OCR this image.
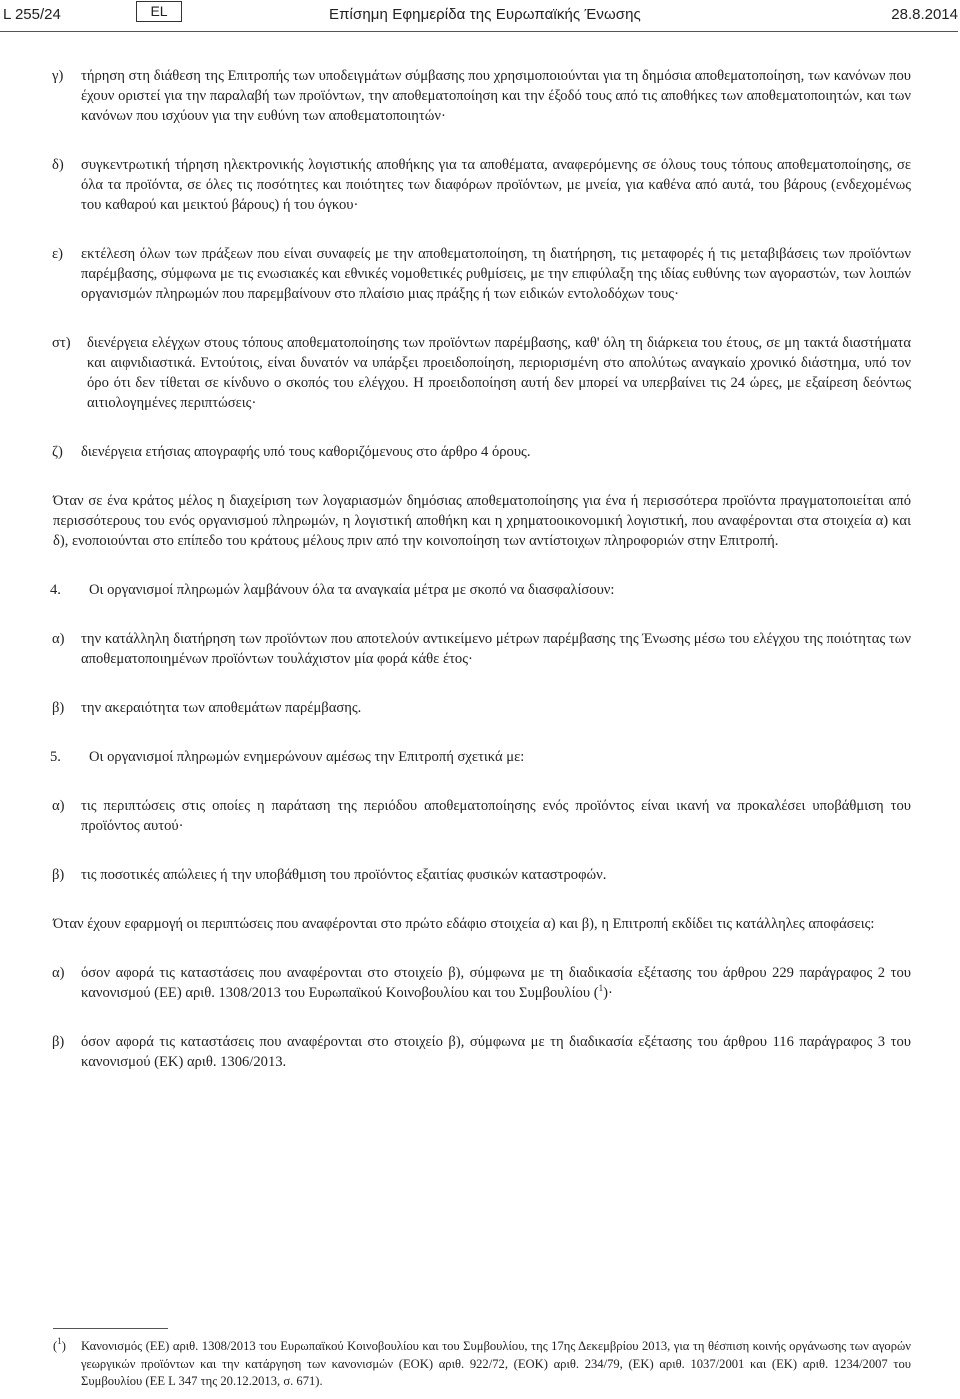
L 255/24	EL	Επίσημη Εφημερίδα της Ευρωπαϊκής Ένωσης	28.8.2014
γ) τήρηση στη διάθεση της Επιτροπής των υποδειγμάτων σύμβασης που χρησιμοποιούνται για τη δημόσια αποθεματοποίηση, των κανόνων που έχουν οριστεί για την παραλαβή των προϊόντων, την αποθεματοποίηση και την έξοδό τους από τις αποθήκες των αποθεματοποιητών, και των κανόνων που ισχύουν για την ευθύνη των αποθεματοποιητών·
δ) συγκεντρωτική τήρηση ηλεκτρονικής λογιστικής αποθήκης για τα αποθέματα, αναφερόμενης σε όλους τους τόπους αποθεματοποίησης, σε όλα τα προϊόντα, σε όλες τις ποσότητες και ποιότητες των διαφόρων προϊόντων, με μνεία, για καθένα από αυτά, του βάρους (ενδεχομένως του καθαρού και μεικτού βάρους) ή του όγκου·
ε) εκτέλεση όλων των πράξεων που είναι συναφείς με την αποθεματοποίηση, τη διατήρηση, τις μεταφορές ή τις μεταβιβάσεις των προϊόντων παρέμβασης, σύμφωνα με τις ενωσιακές και εθνικές νομοθετικές ρυθμίσεις, με την επιφύλαξη της ιδίας ευθύνης των αγοραστών, των λοιπών οργανισμών πληρωμών που παρεμβαίνουν στο πλαίσιο μιας πράξης ή των ειδικών εντολοδόχων τους·
στ) διενέργεια ελέγχων στους τόπους αποθεματοποίησης των προϊόντων παρέμβασης, καθ' όλη τη διάρκεια του έτους, σε μη τακτά διαστήματα και αιφνιδιαστικά. Εντούτοις, είναι δυνατόν να υπάρξει προειδοποίηση, περιορισμένη στο απολύτως αναγκαίο χρονικό διάστημα, υπό τον όρο ότι δεν τίθεται σε κίνδυνο ο σκοπός του ελέγχου. Η προειδοποίηση αυτή δεν μπορεί να υπερβαίνει τις 24 ώρες, με εξαίρεση δεόντως αιτιολογημένες περιπτώσεις·
ζ) διενέργεια ετήσιας απογραφής υπό τους καθοριζόμενους στο άρθρο 4 όρους.
Όταν σε ένα κράτος μέλος η διαχείριση των λογαριασμών δημόσιας αποθεματοποίησης για ένα ή περισσότερα προϊόντα πραγματοποιείται από περισσότερους του ενός οργανισμού πληρωμών, η λογιστική αποθήκη και η χρηματοοικονομική λογιστική, που αναφέρονται στα στοιχεία α) και δ), ενοποιούνται στο επίπεδο του κράτους μέλους πριν από την κοινοποίηση των αντίστοιχων πληροφοριών στην Επιτροπή.
4. Οι οργανισμοί πληρωμών λαμβάνουν όλα τα αναγκαία μέτρα με σκοπό να διασφαλίσουν:
α) την κατάλληλη διατήρηση των προϊόντων που αποτελούν αντικείμενο μέτρων παρέμβασης της Ένωσης μέσω του ελέγχου της ποιότητας των αποθεματοποιημένων προϊόντων τουλάχιστον μία φορά κάθε έτος·
β) την ακεραιότητα των αποθεμάτων παρέμβασης.
5. Οι οργανισμοί πληρωμών ενημερώνουν αμέσως την Επιτροπή σχετικά με:
α) τις περιπτώσεις στις οποίες η παράταση της περιόδου αποθεματοποίησης ενός προϊόντος είναι ικανή να προκαλέσει υποβάθμιση του προϊόντος αυτού·
β) τις ποσοτικές απώλειες ή την υποβάθμιση του προϊόντος εξαιτίας φυσικών καταστροφών.
Όταν έχουν εφαρμογή οι περιπτώσεις που αναφέρονται στο πρώτο εδάφιο στοιχεία α) και β), η Επιτροπή εκδίδει τις κατάλληλες αποφάσεις:
α) όσον αφορά τις καταστάσεις που αναφέρονται στο στοιχείο β), σύμφωνα με τη διαδικασία εξέτασης του άρθρου 229 παράγραφος 2 του κανονισμού (ΕΕ) αριθ. 1308/2013 του Ευρωπαϊκού Κοινοβουλίου και του Συμβουλίου ($^1$)·
β) όσον αφορά τις καταστάσεις που αναφέρονται στο στοιχείο β), σύμφωνα με τη διαδικασία εξέτασης του άρθρου 116 παράγραφος 3 του κανονισμού (ΕΚ) αριθ. 1306/2013.
($^1$)	Κανονισμός (ΕΕ) αριθ. 1308/2013 του Ευρωπαϊκού Κοινοβουλίου και του Συμβουλίου, της 17ης Δεκεμβρίου 2013, για τη θέσπιση κοινής οργάνωσης των αγορών γεωργικών προϊόντων και την κατάργηση των κανονισμών (ΕΟΚ) αριθ. 922/72, (ΕΟΚ) αριθ. 234/79, (ΕΚ) αριθ. 1037/2001 και (ΕΚ) αριθ. 1234/2007 του Συμβουλίου (ΕΕ L 347 της 20.12.2013, σ. 671).
